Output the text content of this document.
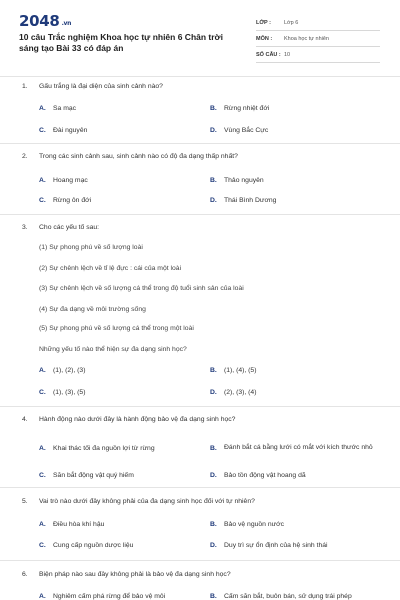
2048 .vn
10 câu Trắc nghiệm Khoa học tự nhiên 6 Chân trời sáng tạo Bài 33 có đáp án
LỚP :	Lớp 6
MÔN :	Khoa học tự nhiên
SỐ CÂU : 10
1.	Gấu trắng là đại diện của sinh cảnh nào?
A.	Sa mạc	B.	Rừng nhiệt đới
C.	Đài nguyên	D.	Vùng Bắc Cực
2.	Trong các sinh cảnh sau, sinh cảnh nào có độ đa dạng thấp nhất?
A.	Hoang mạc	B.	Thảo nguyên
C.	Rừng ôn đới	D.	Thái Bình Dương
3.	Cho các yếu tố sau:
(1) Sự phong phú về số lượng loài
(2) Sự chênh lệch về tỉ lệ đực : cái của một loài
(3) Sự chênh lệch về số lượng cá thể trong độ tuổi sinh sản của loài
(4) Sự đa dạng về môi trường sống
(5) Sự phong phú về số lượng cá thể trong một loài
Những yếu tố nào thể hiện sự đa dạng sinh học?
A.	(1), (2), (3)	B.	(1), (4), (5)
C.	(1), (3), (5)	D.	(2), (3), (4)
4.	Hành động nào dưới đây là hành động bảo vệ đa dạng sinh học?
A.	Khai thác tối đa nguồn lợi từ rừng	B.	Đánh bắt cá bằng lưới có mắt với kích thước nhỏ
C.	Săn bắt động vật quý hiếm	D.	Bảo tồn động vật hoang dã
5.	Vai trò nào dưới đây không phải của đa dạng sinh học đối với tự nhiên?
A.	Điều hòa khí hậu	B.	Bảo vệ nguồn nước
C.	Cung cấp nguồn dược liệu	D.	Duy trì sự ổn định của hệ sinh thái
6.	Biện pháp nào sau đây không phải là bảo vệ đa dạng sinh học?
A.	Nghiêm cấm phá rừng để bảo vệ môi	B.	Cấm săn bắt, buôn bán, sử dụng trái phép
